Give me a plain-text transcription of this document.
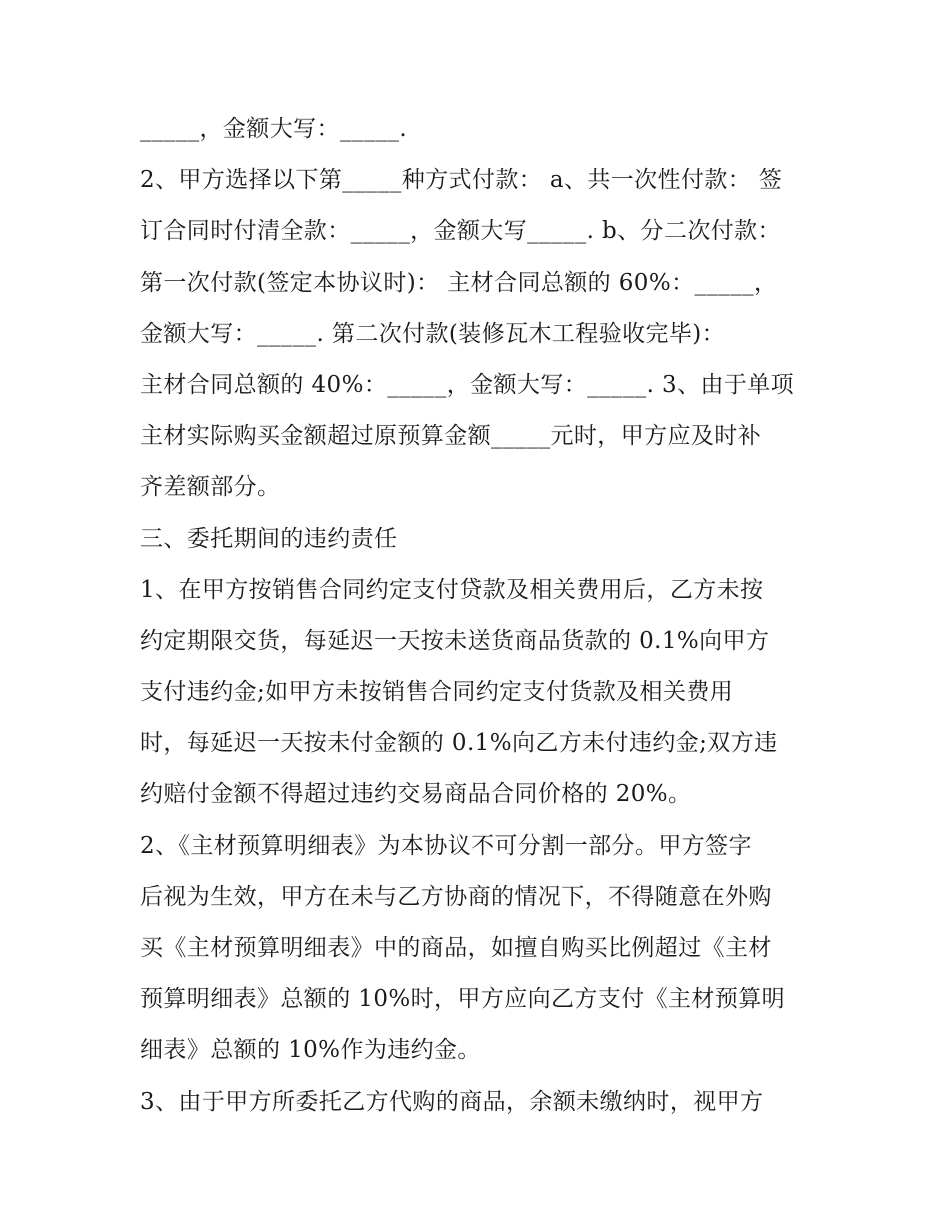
_____，金额大写：_____.
2、甲方选择以下第_____种方式付款： a、共一次性付款： 签
订合同时付清全款：_____，金额大写_____. b、分二次付款：
第一次付款(签定本协议时)： 主材合同总额的 60%：_____，
金额大写：_____. 第二次付款(装修瓦木工程验收完毕)：
主材合同总额的 40%：_____，金额大写：_____. 3、由于单项
主材实际购买金额超过原预算金额_____元时，甲方应及时补
齐差额部分。
三、委托期间的违约责任
1、在甲方按销售合同约定支付贷款及相关费用后，乙方未按
约定期限交货，每延迟一天按未送货商品货款的 0.1%向甲方
支付违约金;如甲方未按销售合同约定支付货款及相关费用
时，每延迟一天按未付金额的 0.1%向乙方未付违约金;双方违
约赔付金额不得超过违约交易商品合同价格的 20%。
2、《主材预算明细表》为本协议不可分割一部分。甲方签字
后视为生效，甲方在未与乙方协商的情况下，不得随意在外购
买《主材预算明细表》中的商品，如擅自购买比例超过《主材
预算明细表》总额的 10%时，甲方应向乙方支付《主材预算明
细表》总额的 10%作为违约金。
3、由于甲方所委托乙方代购的商品，余额未缴纳时，视甲方
